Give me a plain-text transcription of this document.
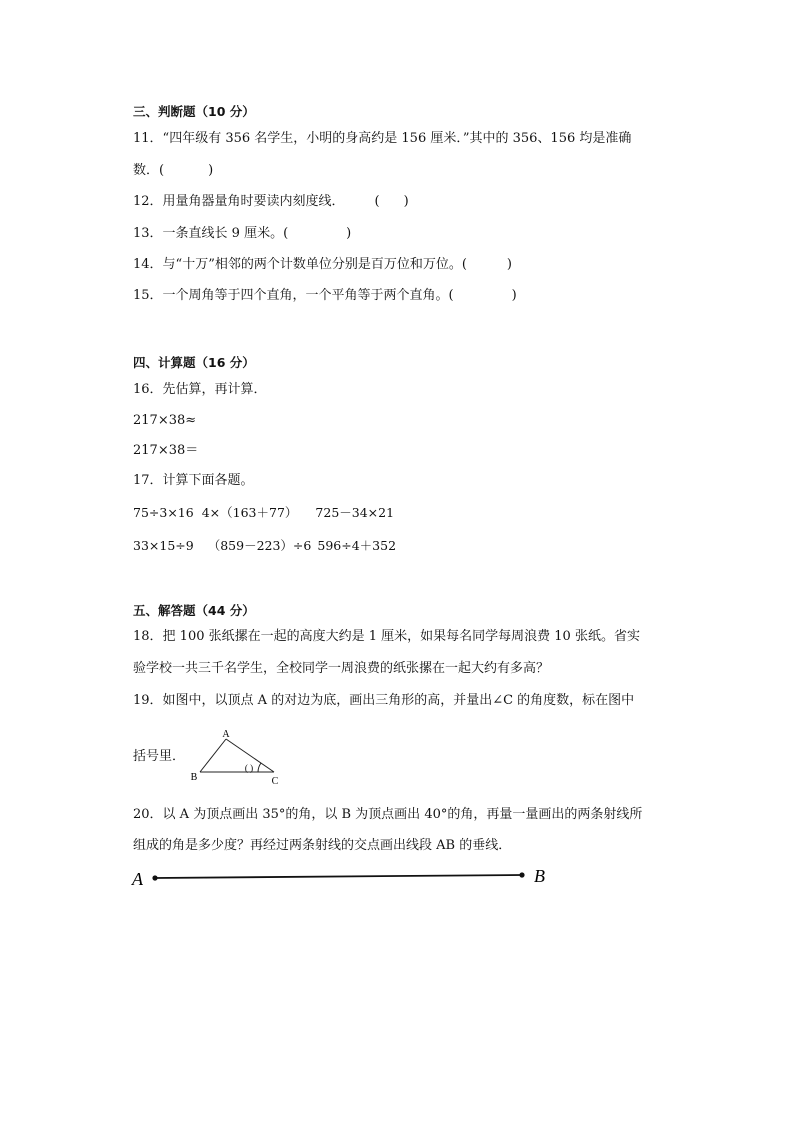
三、判断题（10 分）
11．“四年级有 356 名学生，小明的身高约是 156 厘米．”其中的 356、156 均是准确
数．(	)
12．用量角器量角时要读内刻度线． ( )
13．一条直线长 9 厘米。(	)
14．与“十万”相邻的两个计数单位分别是百万位和万位。(	)
15．一个周角等于四个直角，一个平角等于两个直角。(	)
四、计算题（16 分）
16．先估算，再计算．
217×38≈
217×38＝
17．计算下面各题。
75÷3×16 4×（163＋77） 725－34×21
33×15÷9 （859－223）÷6 596÷4＋352
五、解答题（44 分）
18．把 100 张纸摞在一起的高度大约是 1 厘米，如果每名同学每周浪费 10 张纸。省实
验学校一共三千名学生，全校同学一周浪费的纸张摞在一起大约有多高？
19．如图中，以顶点 A 的对边为底，画出三角形的高，并量出∠C 的角度数，标在图中
括号里．
A
B	C
( )
20．以 A 为顶点画出 35°的角，以 B 为顶点画出 40°的角，再量一量画出的两条射线所
组成的角是多少度？再经过两条射线的交点画出线段 AB 的垂线．
A	B
